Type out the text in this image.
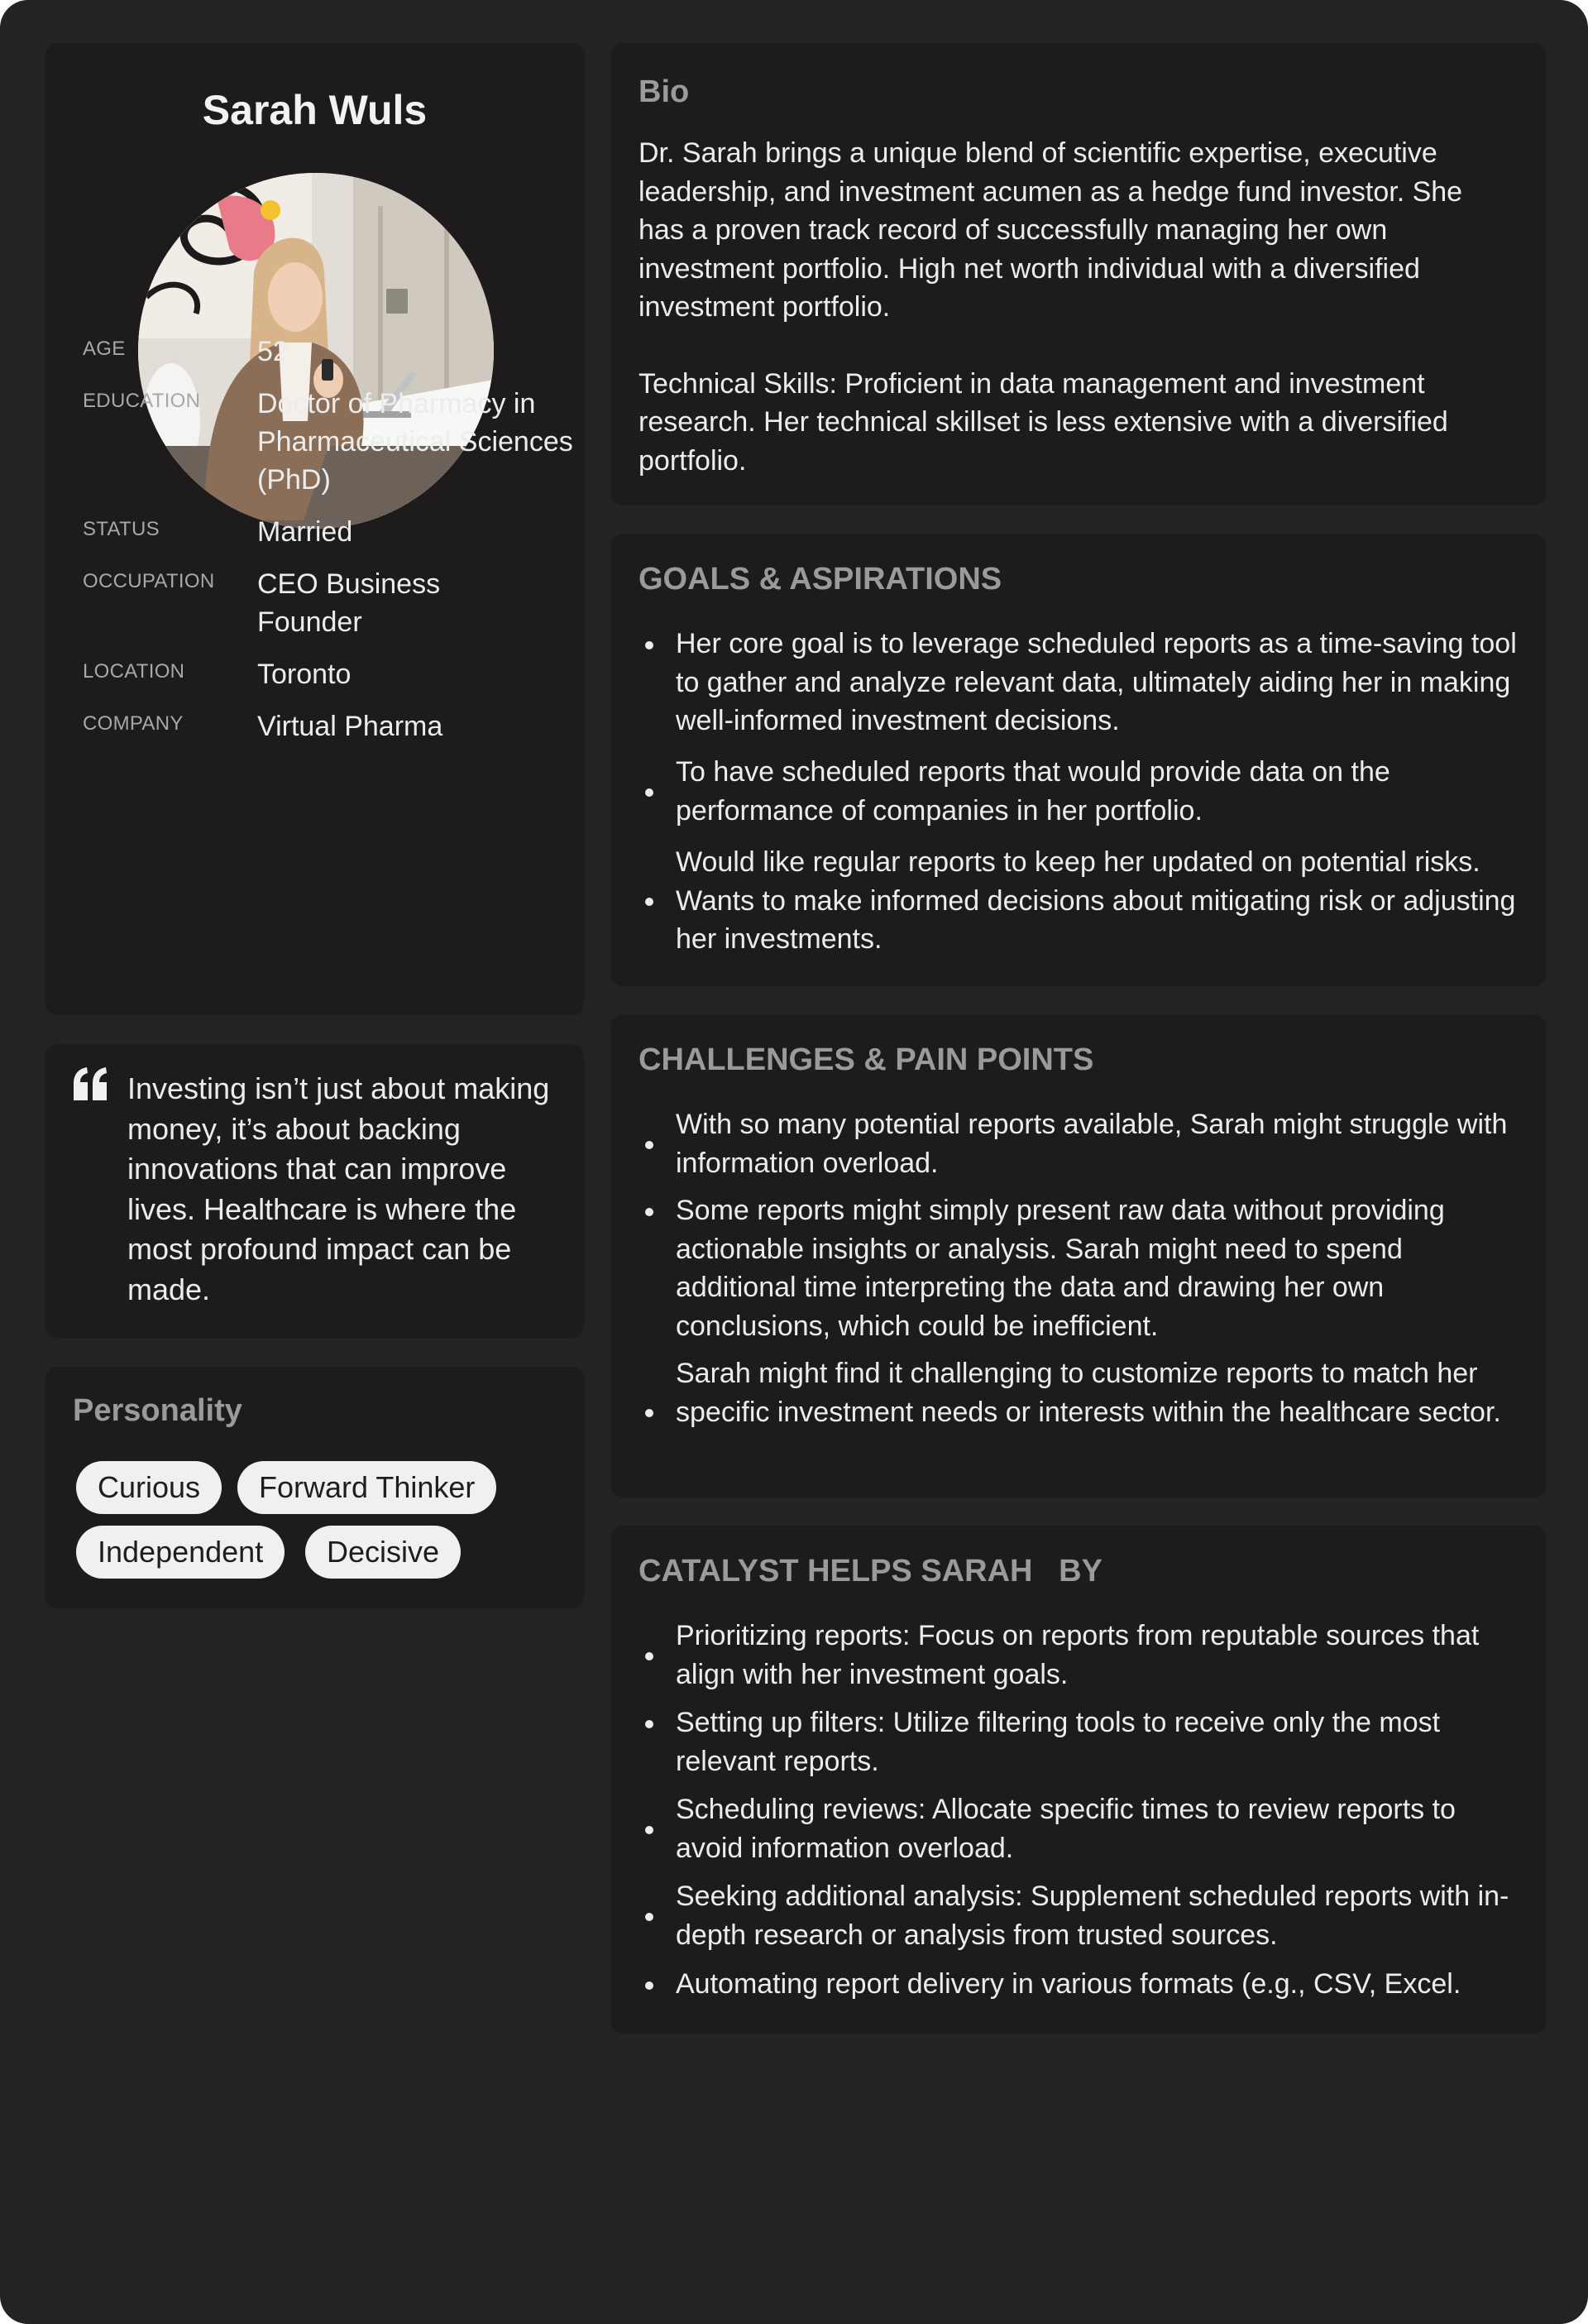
Sarah Wuls
AGE	52
EDUCATION Doctor of Pharmacy in Pharmaceutical Sciences (PhD)
STATUS	Married
OCCUPATION CEO Business Founder
LOCATION	Toronto
COMPANY	Virtual Pharma
Investing isn’t just about making money, it’s about backing innovations that can improve lives. Healthcare is where the most profound impact can be made.
Personality
Curious	Forward Thinker
Independent	Decisive
Bio

Dr. Sarah brings a unique blend of scientific expertise, executive leadership, and investment acumen as a hedge fund investor. She has a proven track record of successfully managing her own investment portfolio. High net worth individual with a diversified investment portfolio.

Technical Skills: Proficient in data management and investment research. Her technical skillset is less extensive with a diversified portfolio.

GOALS & ASPIRATIONS
Her core goal is to leverage scheduled reports as a time-saving tool to gather and analyze relevant data, ultimately aiding her in making well-informed investment decisions.
To have scheduled reports that would provide data on the performance of companies in her portfolio.
Would like regular reports to keep her updated on potential risks. Wants to make informed decisions about mitigating risk or adjusting her investments.
CHALLENGES & PAIN POINTS
With so many potential reports available, Sarah might struggle with information overload.
Some reports might simply present raw data without providing actionable insights or analysis. Sarah might need to spend additional time interpreting the data and drawing her own conclusions, which could be inefficient.
Sarah might find it challenging to customize reports to match her specific investment needs or interests within the healthcare sector.
CATALYST HELPS SARAH   BY
Prioritizing reports: Focus on reports from reputable sources that align with her investment goals.
Setting up filters: Utilize filtering tools to receive only the most relevant reports.
Scheduling reviews: Allocate specific times to review reports to avoid information overload.
Seeking additional analysis: Supplement scheduled reports with in-depth research or analysis from trusted sources.
Automating report delivery in various formats (e.g., CSV, Excel.
